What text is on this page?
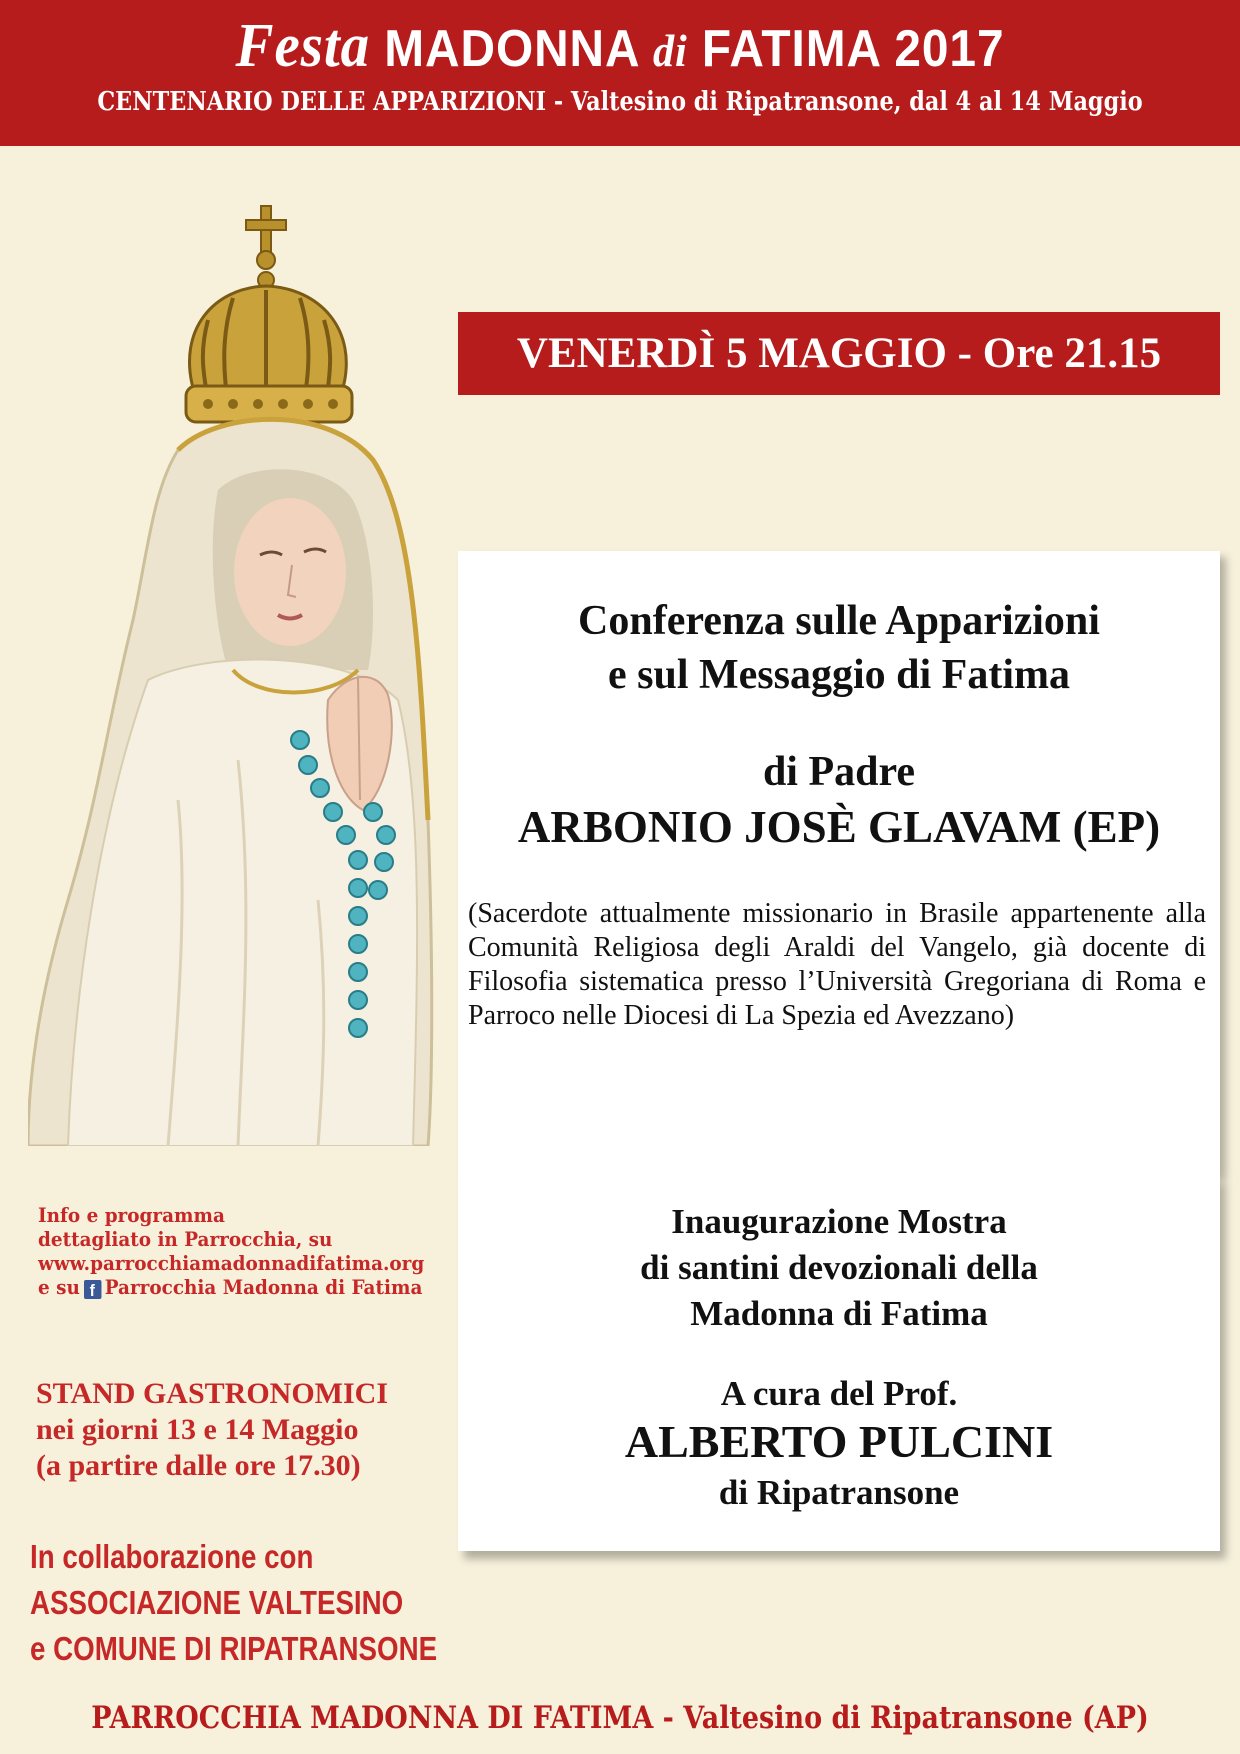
Festa MADONNA di FATIMA 2017
CENTENARIO DELLE APPARIZIONI - Valtesino di Ripatransone, dal 4 al 14 Maggio
VENERDÌ 5 MAGGIO - Ore 21.15
Conferenza sulle Apparizioni
e sul Messaggio di Fatima
di Padre
ARBONIO JOSÈ GLAVAM (EP)
(Sacerdote attualmente missionario in Brasile appartenente alla Comunità Religiosa degli Araldi del Vangelo, già docente di Filosofia sistematica presso l’Università Gregoriana di Roma e Parroco nelle Diocesi di La Spezia ed Avezzano)
Inaugurazione Mostra
di santini devozionali della
Madonna di Fatima
A cura del Prof.
ALBERTO PULCINI
di Ripatransone
Info e programma
dettagliato in Parrocchia, su
www.parrocchiamadonnadifatima.org
e su f Parrocchia Madonna di Fatima
STAND GASTRONOMICI
nei giorni 13 e 14 Maggio
(a partire dalle ore 17.30)
In collaborazione con
ASSOCIAZIONE VALTESINO
e COMUNE DI RIPATRANSONE
PARROCCHIA MADONNA DI FATIMA - Valtesino di Ripatransone (AP)
